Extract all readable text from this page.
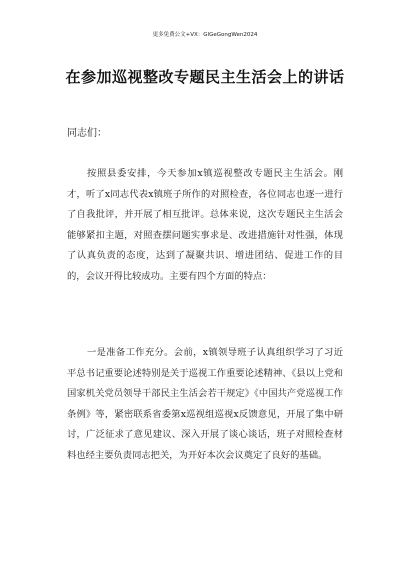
更多免费公文+VX：GlGeGongWen2024
在参加巡视整改专题民主生活会上的讲话
同志们：

按照县委安排，今天参加x镇巡视整改专题民主生活会。刚才，听了x同志代表x镇班子所作的对照检查，各位同志也逐一进行了自我批评，并开展了相互批评。总体来说，这次专题民主生活会能够紧扣主题，对照查摆问题实事求是、改进措施针对性强，体现了认真负责的态度，达到了凝聚共识、增进团结、促进工作的目的，会议开得比较成功。主要有四个方面的特点：

一是准备工作充分。会前，x镇领导班子认真组织学习了习近平总书记重要论述特别是关于巡视工作重要论述精神、《县以上党和国家机关党员领导干部民主生活会若干规定》《中国共产党巡视工作条例》等，紧密联系省委第x巡视组巡视x反馈意见，开展了集中研讨，广泛征求了意见建议、深入开展了谈心谈话，班子对照检查材料也经主要负责同志把关，为开好本次会议奠定了良好的基础。
